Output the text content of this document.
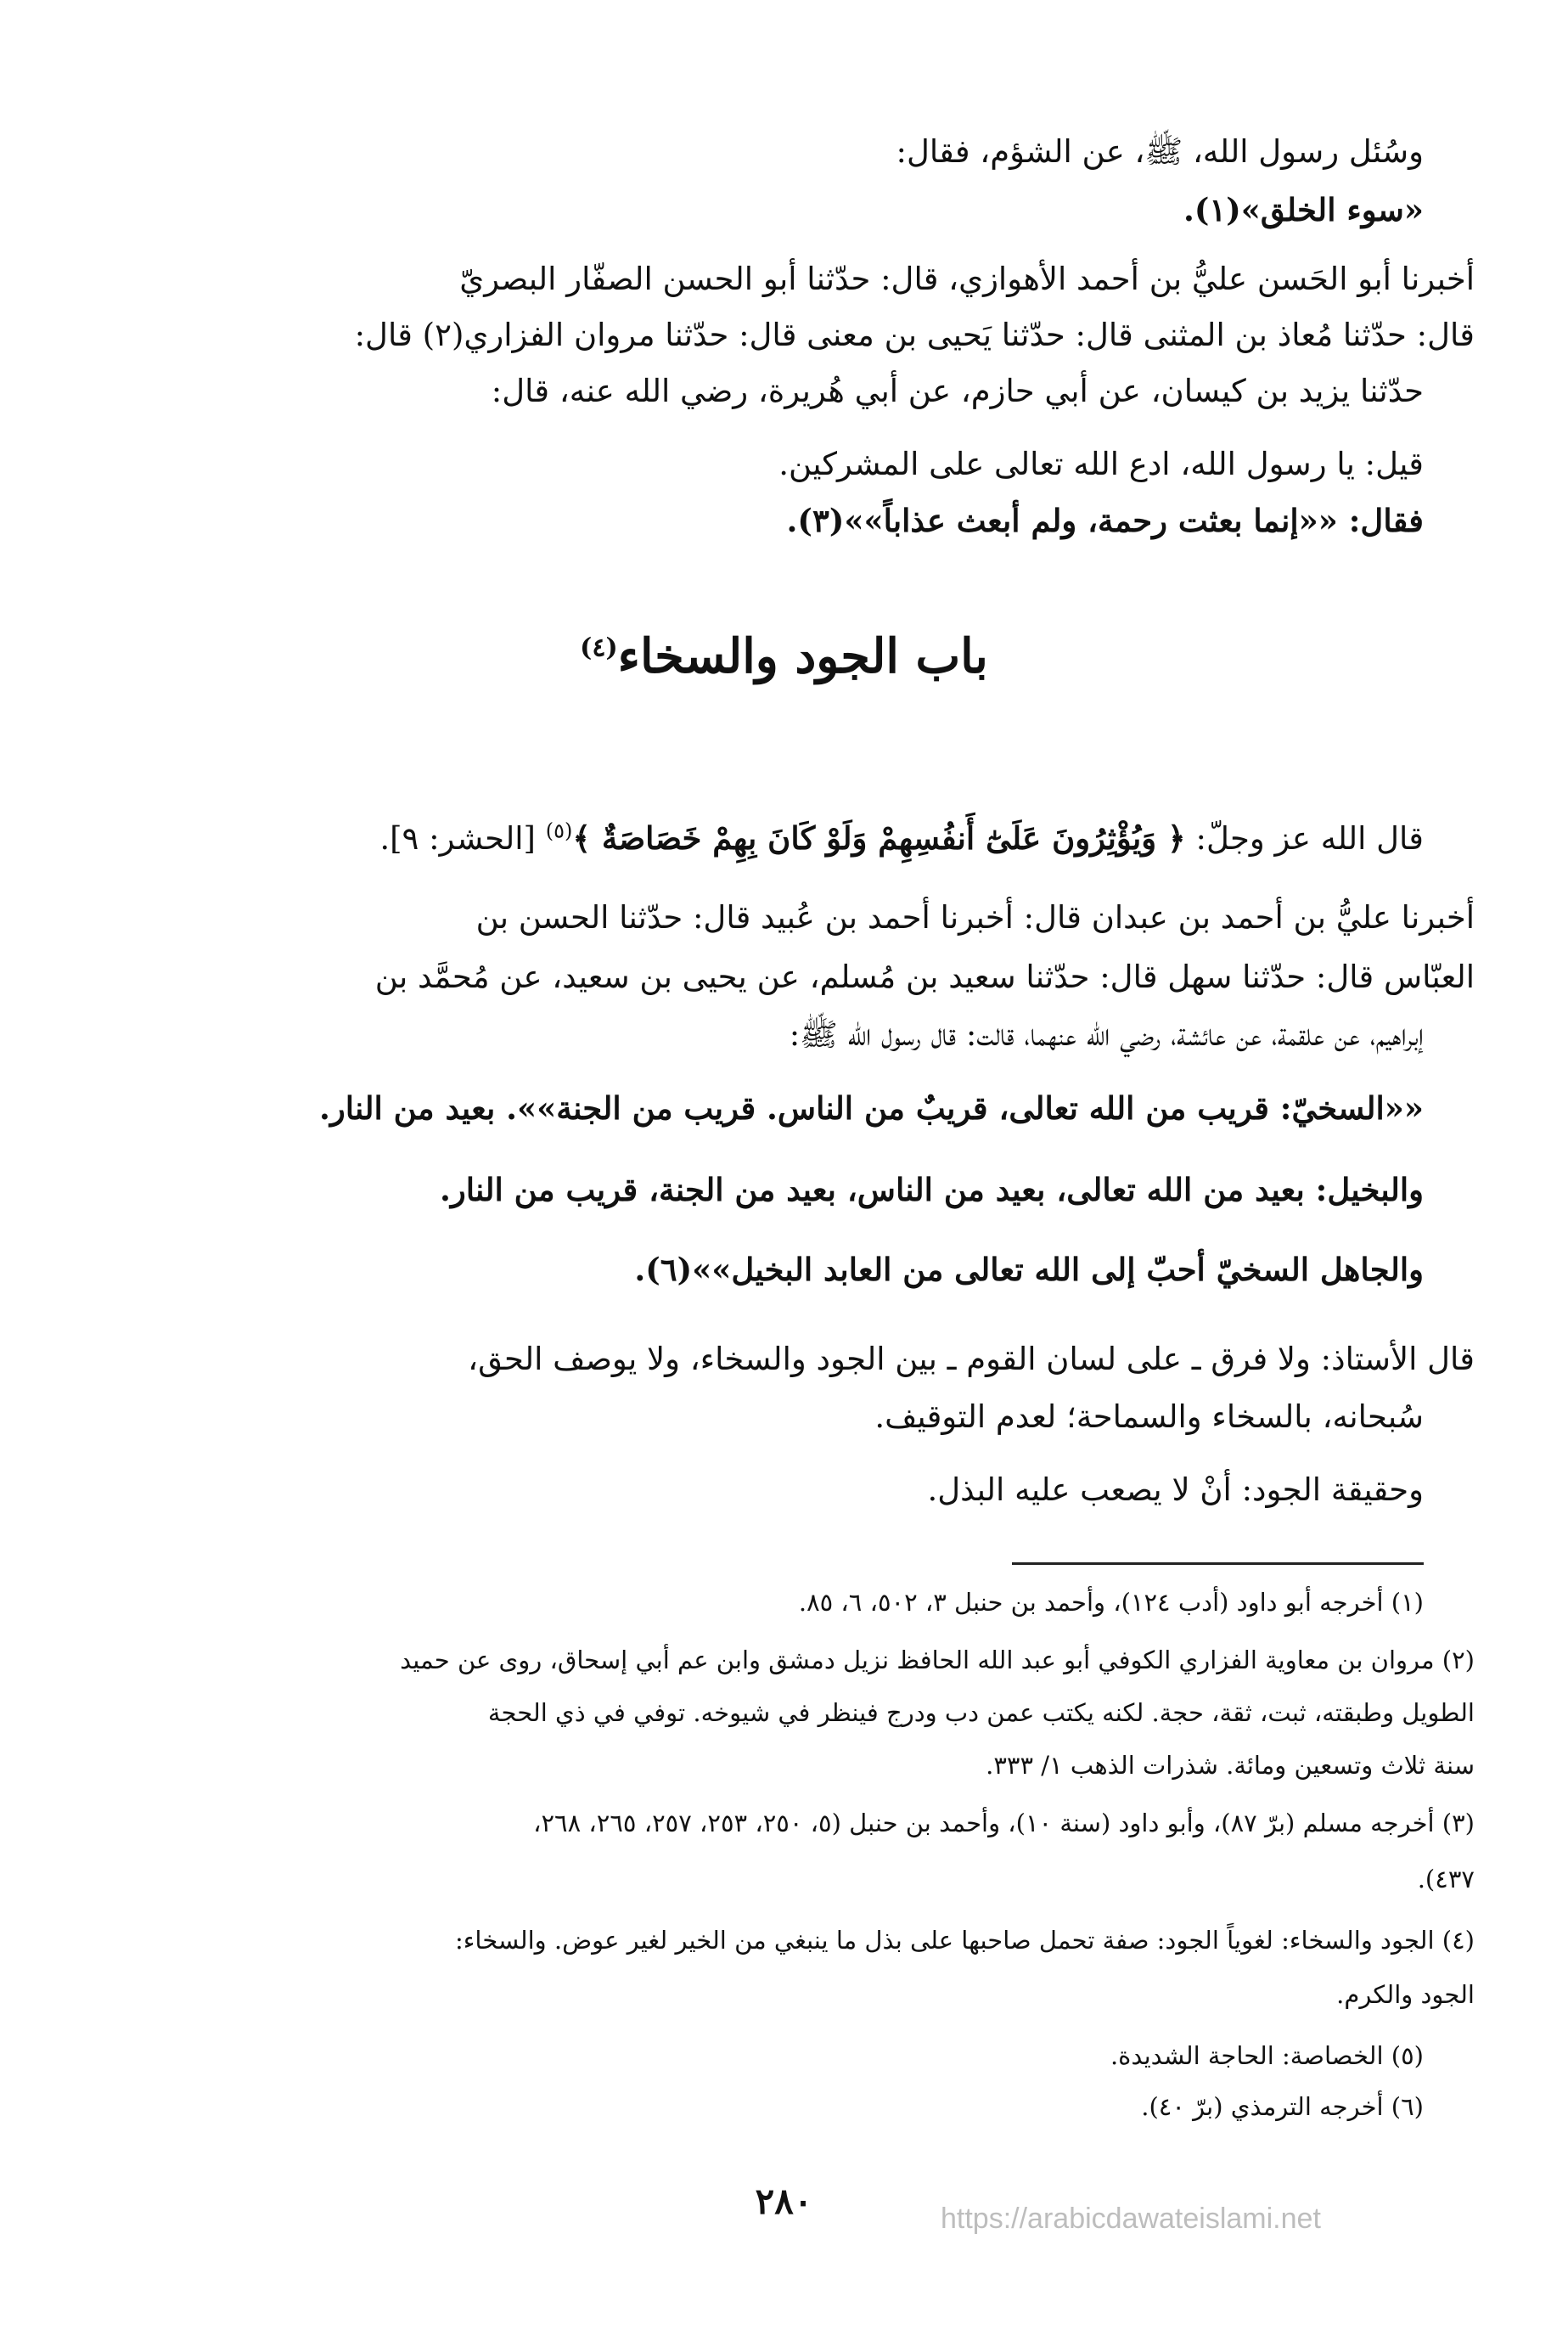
وسُئل رسول الله، ﷺ، عن الشؤم، فقال:
«سوء الخلق»(١).
أخبرنا أبو الحَسن عليُّ بن أحمد الأهوازي، قال: حدّثنا أبو الحسن الصفّار البصريّ
قال: حدّثنا مُعاذ بن المثنى قال: حدّثنا يَحيى بن معنى قال: حدّثنا مروان الفزاري(٢) قال:
حدّثنا يزيد بن كيسان، عن أبي حازم، عن أبي هُريرة، رضي الله عنه، قال:
قيل: يا رسول الله، ادع الله تعالى على المشركين.
فقال: ««إنما بعثت رحمة، ولم أبعث عذاباً»»(٣).
باب الجود والسخاء$^{(٤)}$
قال الله عز وجلّ: ﴿ وَيُؤْثِرُونَ عَلَىٰٓ أَنفُسِهِمْ وَلَوْ كَانَ بِهِمْ خَصَاصَةٌ ﴾$^{(٥)}$ [الحشر: ٩].
أخبرنا عليُّ بن أحمد بن عبدان قال: أخبرنا أحمد بن عُبيد قال: حدّثنا الحسن بن
العبّاس قال: حدّثنا سهل قال: حدّثنا سعيد بن مُسلم، عن يحيى بن سعيد، عن مُحمَّد بن
إبراهيم، عن علقمة، عن عائشة، رضي الله عنهما، قالت: قال رسول الله ﷺ:
««السخيّ: قريب من الله تعالى، قريبٌ من الناس. قريب من الجنة»». بعيد من النار.
والبخيل: بعيد من الله تعالى، بعيد من الناس، بعيد من الجنة، قريب من النار.
والجاهل السخيّ أحبّ إلى الله تعالى من العابد البخيل»»(٦).
قال الأستاذ: ولا فرق ـ على لسان القوم ـ بين الجود والسخاء، ولا يوصف الحق،
سُبحانه، بالسخاء والسماحة؛ لعدم التوقيف.
وحقيقة الجود: أنْ لا يصعب عليه البذل.
(١) أخرجه أبو داود (أدب ١٢٤)، وأحمد بن حنبل ٣، ٥٠٢، ٦، ٨٥.
(٢) مروان بن معاوية الفزاري الكوفي أبو عبد الله الحافظ نزيل دمشق وابن عم أبي إسحاق، روى عن حميد
الطويل وطبقته، ثبت، ثقة، حجة. لكنه يكتب عمن دب ودرج فينظر في شيوخه. توفي في ذي الحجة
سنة ثلاث وتسعين ومائة. شذرات الذهب ١/ ٣٣٣.
(٣) أخرجه مسلم (برّ ٨٧)، وأبو داود (سنة ١٠)، وأحمد بن حنبل (٥، ٢٥٠، ٢٥٣، ٢٥٧، ٢٦٥، ٢٦٨،
٤٣٧).
(٤) الجود والسخاء: لغوياً الجود: صفة تحمل صاحبها على بذل ما ينبغي من الخير لغير عوض. والسخاء:
الجود والكرم.
(٥) الخصاصة: الحاجة الشديدة.
(٦) أخرجه الترمذي (برّ ٤٠).
٢٨٠	https://arabicdawateislami.net
